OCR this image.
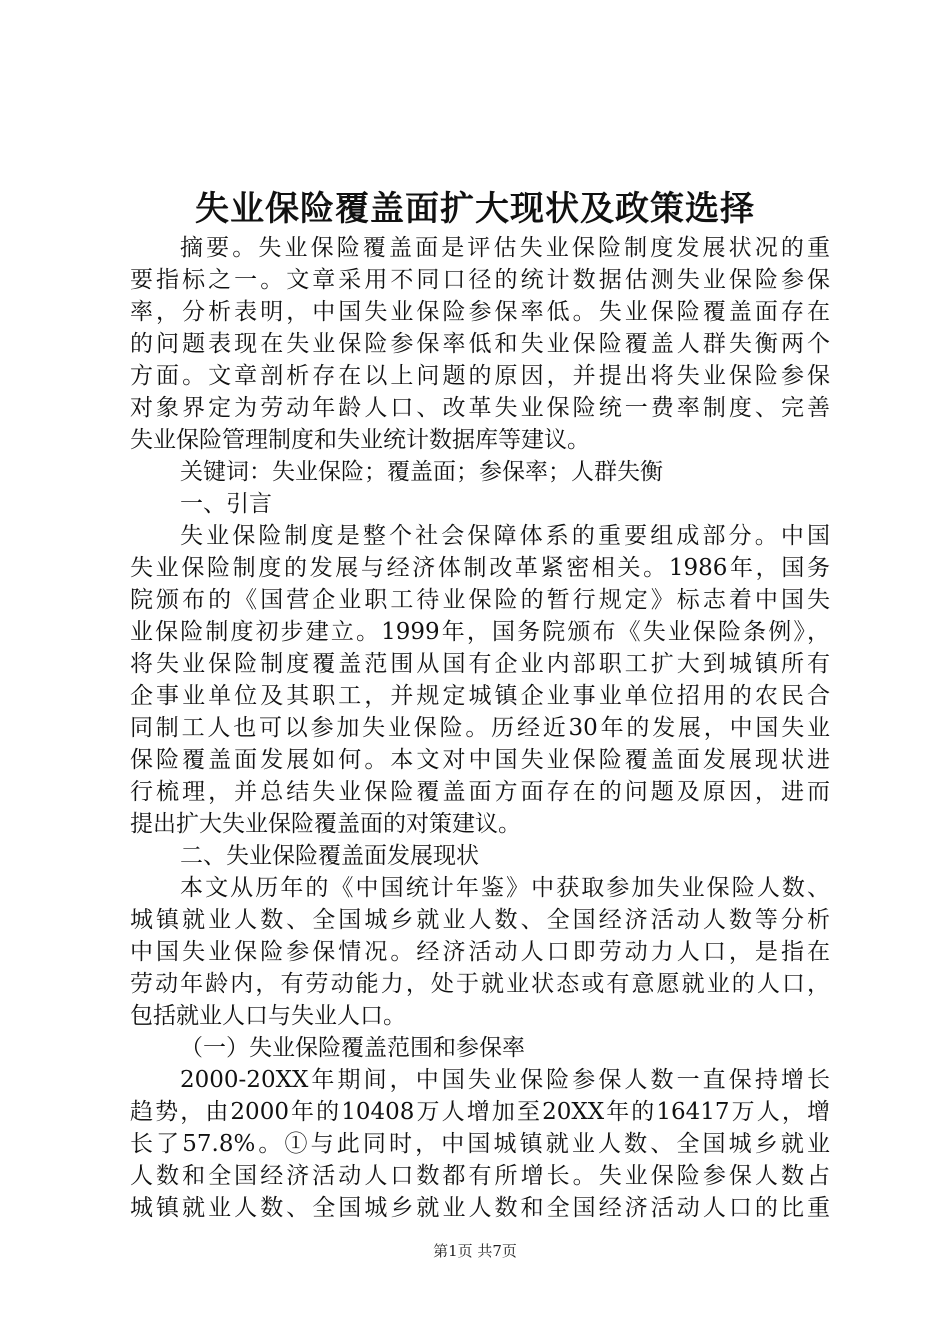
失业保险覆盖面扩大现状及政策选择
摘要。失业保险覆盖面是评估失业保险制度发展状况的重
要指标之一。文章采用不同口径的统计数据估测失业保险参保
率，分析表明，中国失业保险参保率低。失业保险覆盖面存在
的问题表现在失业保险参保率低和失业保险覆盖人群失衡两个
方面。文章剖析存在以上问题的原因，并提出将失业保险参保
对象界定为劳动年龄人口、改革失业保险统一费率制度、完善
失业保险管理制度和失业统计数据库等建议。
关键词：失业保险；覆盖面；参保率；人群失衡
一、引言
失业保险制度是整个社会保障体系的重要组成部分。中国
失业保险制度的发展与经济体制改革紧密相关。1986年，国务
院颁布的《国营企业职工待业保险的暂行规定》标志着中国失
业保险制度初步建立。1999年，国务院颁布《失业保险条例》，
将失业保险制度覆盖范围从国有企业内部职工扩大到城镇所有
企事业单位及其职工，并规定城镇企业事业单位招用的农民合
同制工人也可以参加失业保险。历经近30年的发展，中国失业
保险覆盖面发展如何。本文对中国失业保险覆盖面发展现状进
行梳理，并总结失业保险覆盖面方面存在的问题及原因，进而
提出扩大失业保险覆盖面的对策建议。
二、失业保险覆盖面发展现状
本文从历年的《中国统计年鉴》中获取参加失业保险人数、
城镇就业人数、全国城乡就业人数、全国经济活动人数等分析
中国失业保险参保情况。经济活动人口即劳动力人口，是指在
劳动年龄内，有劳动能力，处于就业状态或有意愿就业的人口，
包括就业人口与失业人口。
（一）失业保险覆盖范围和参保率
2000-20XX年期间，中国失业保险参保人数一直保持增长
趋势，由2000年的10408万人增加至20XX年的16417万人，增
长了57.8%。①与此同时，中国城镇就业人数、全国城乡就业
人数和全国经济活动人口数都有所增长。失业保险参保人数占
城镇就业人数、全国城乡就业人数和全国经济活动人口的比重
第1页 共7页
